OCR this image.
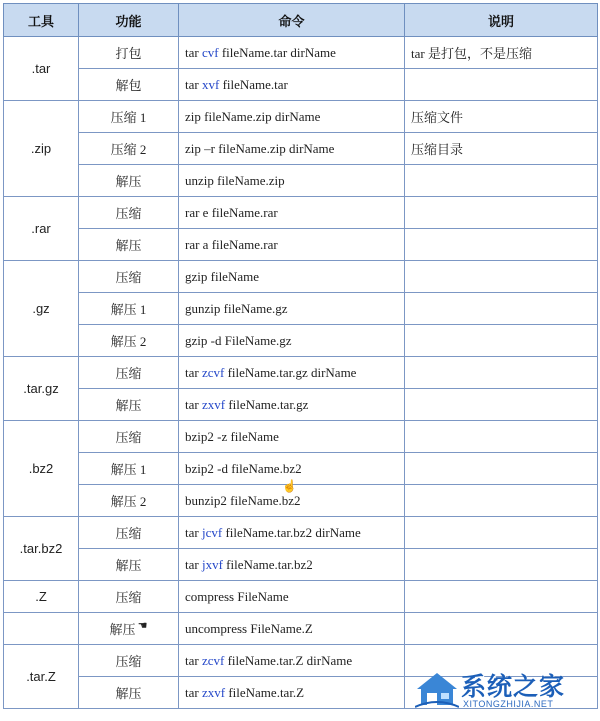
工具	功能	命令	说明
.tar	打包	tar cvf fileName.tar dirName	tar 是打包，不是压缩
	解包	tar xvf fileName.tar	
.zip	压缩 1	zip fileName.zip dirName	压缩文件
	压缩 2	zip –r fileName.zip dirName	压缩目录
	解压	unzip fileName.zip	
.rar	压缩	rar e fileName.rar	
	解压	rar a fileName.rar	
.gz	压缩	gzip fileName	
	解压 1	gunzip fileName.gz	
	解压 2	gzip -d FileName.gz	
.tar.gz	压缩	tar zcvf fileName.tar.gz dirName	
	解压	tar zxvf fileName.tar.gz	
.bz2	压缩	bzip2 -z fileName	
	解压 1	bzip2 -d fileName.bz2	
	解压 2	bunzip2 fileName.bz2	
.tar.bz2	压缩	tar jcvf fileName.tar.bz2 dirName	
	解压	tar jxvf fileName.tar.bz2	
.Z	压缩	compress FileName	
	解压 ☚	uncompress FileName.Z	
.tar.Z	压缩	tar zcvf fileName.tar.Z dirName	
	解压	tar zxvf fileName.tar.Z	
☝
系统之家
XITONGZHIJIA.NET
